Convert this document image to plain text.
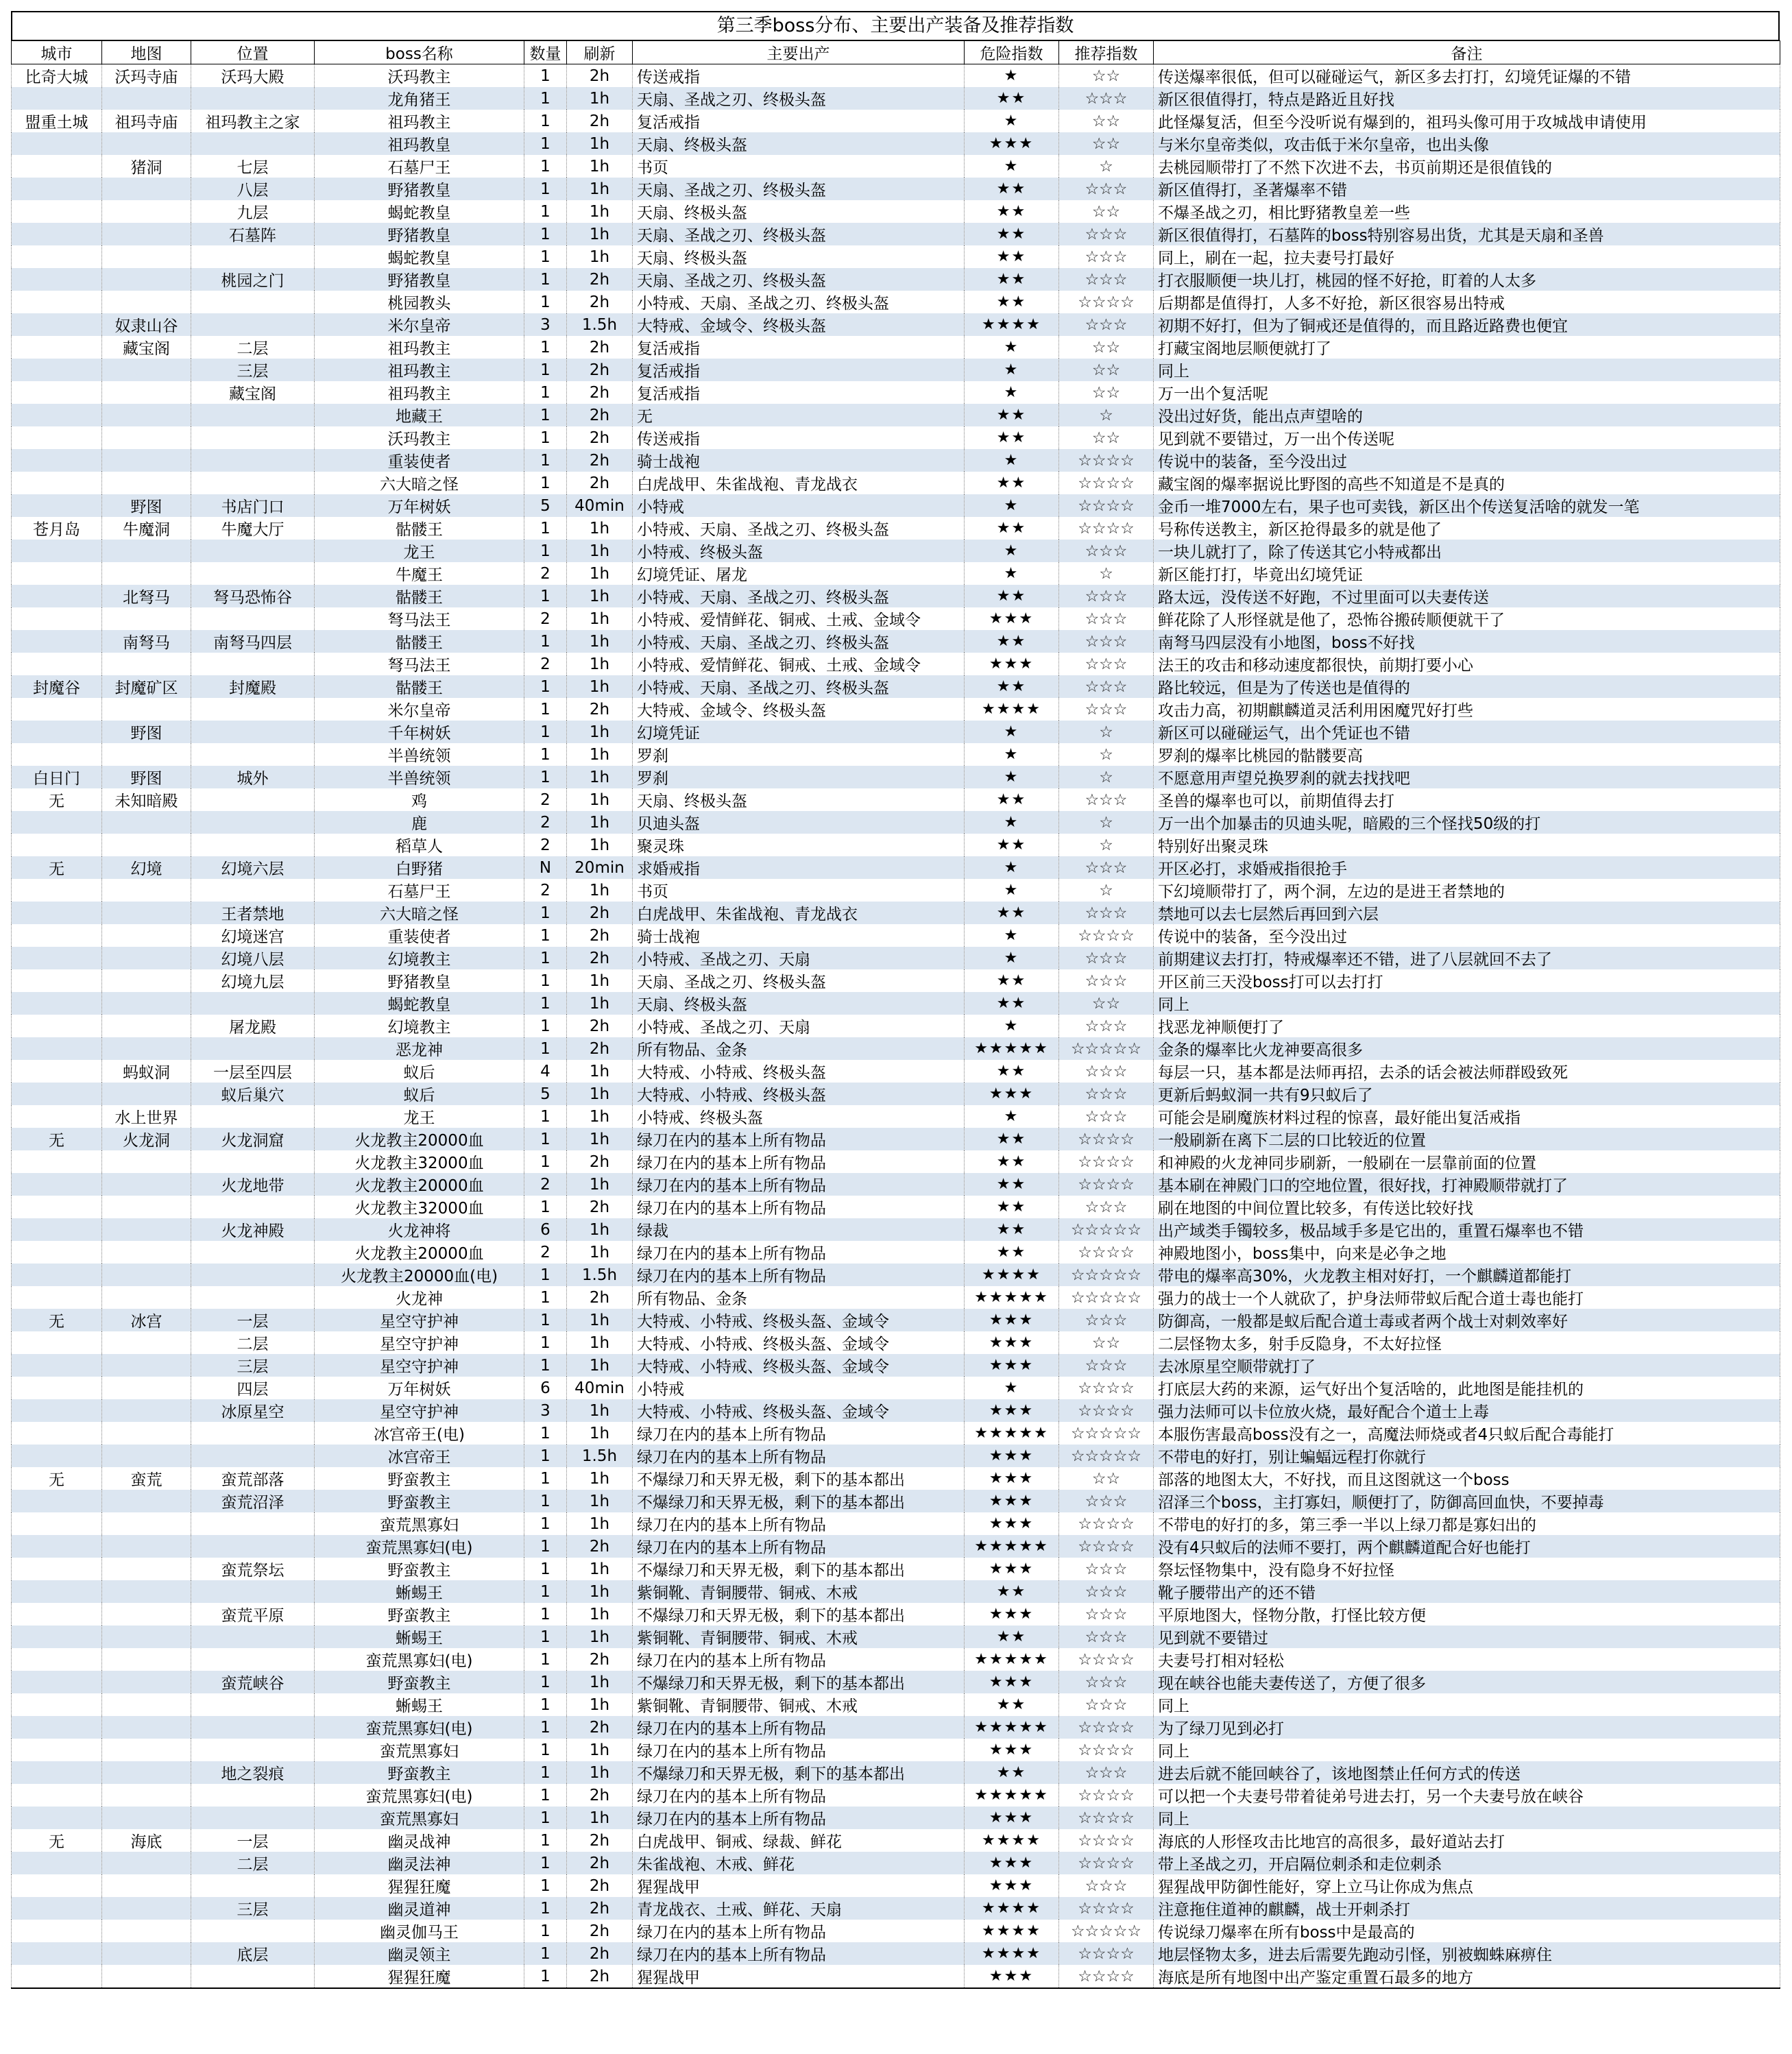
第三季boss分布、主要出产装备及推荐指数
城市	地图	位置	boss名称	数量	刷新	主要出产	危险指数	推荐指数	备注
比奇大城	沃玛寺庙	沃玛大殿	沃玛教主	1	2h	传送戒指	★	☆☆	传送爆率很低，但可以碰碰运气，新区多去打打，幻境凭证爆的不错
			龙角猪王	1	1h	天扇、圣战之刃、终极头盔	★★	☆☆☆	新区很值得打，特点是路近且好找
盟重土城	祖玛寺庙	祖玛教主之家	祖玛教主	1	2h	复活戒指	★	☆☆	此怪爆复活，但至今没听说有爆到的，祖玛头像可用于攻城战申请使用
			祖玛教皇	1	1h	天扇、终极头盔	★★★	☆☆	与米尔皇帝类似，攻击低于米尔皇帝，也出头像
	猪洞	七层	石墓尸王	1	1h	书页	★	☆	去桃园顺带打了不然下次进不去，书页前期还是很值钱的
		八层	野猪教皇	1	1h	天扇、圣战之刃、终极头盔	★★	☆☆☆	新区值得打，圣著爆率不错
		九层	蝎蛇教皇	1	1h	天扇、终极头盔	★★	☆☆	不爆圣战之刃，相比野猪教皇差一些
		石墓阵	野猪教皇	1	1h	天扇、圣战之刃、终极头盔	★★	☆☆☆	新区很值得打，石墓阵的boss特别容易出货，尤其是天扇和圣兽
			蝎蛇教皇	1	1h	天扇、终极头盔	★★	☆☆☆	同上，刷在一起，拉夫妻号打最好
		桃园之门	野猪教皇	1	2h	天扇、圣战之刃、终极头盔	★★	☆☆☆	打衣服顺便一块儿打，桃园的怪不好抢，盯着的人太多
			桃园教头	1	2h	小特戒、天扇、圣战之刃、终极头盔	★★	☆☆☆☆	后期都是值得打，人多不好抢，新区很容易出特戒
	奴隶山谷		米尔皇帝	3	1.5h	大特戒、金域令、终极头盔	★★★★	☆☆☆	初期不好打，但为了铜戒还是值得的，而且路近路费也便宜
	藏宝阁	二层	祖玛教主	1	2h	复活戒指	★	☆☆	打藏宝阁地层顺便就打了
		三层	祖玛教主	1	2h	复活戒指	★	☆☆	同上
		藏宝阁	祖玛教主	1	2h	复活戒指	★	☆☆	万一出个复活呢
			地藏王	1	2h	无	★★	☆	没出过好货，能出点声望啥的
			沃玛教主	1	2h	传送戒指	★★	☆☆	见到就不要错过，万一出个传送呢
			重装使者	1	2h	骑士战袍	★	☆☆☆☆	传说中的装备，至今没出过
			六大暗之怪	1	2h	白虎战甲、朱雀战袍、青龙战衣	★★	☆☆☆☆	藏宝阁的爆率据说比野图的高些不知道是不是真的
	野图	书店门口	万年树妖	5	40min	小特戒	★	☆☆☆☆	金币一堆7000左右，果子也可卖钱，新区出个传送复活啥的就发一笔
苍月岛	牛魔洞	牛魔大厅	骷髅王	1	1h	小特戒、天扇、圣战之刃、终极头盔	★★	☆☆☆☆	号称传送教主，新区抢得最多的就是他了
			龙王	1	1h	小特戒、终极头盔	★	☆☆☆	一块儿就打了，除了传送其它小特戒都出
			牛魔王	2	1h	幻境凭证、屠龙	★	☆	新区能打打，毕竟出幻境凭证
	北弩马	弩马恐怖谷	骷髅王	1	1h	小特戒、天扇、圣战之刃、终极头盔	★★	☆☆☆	路太远，没传送不好跑，不过里面可以夫妻传送
			弩马法王	2	1h	小特戒、爱情鲜花、铜戒、土戒、金域令	★★★	☆☆☆	鲜花除了人形怪就是他了，恐怖谷搬砖顺便就干了
	南弩马	南弩马四层	骷髅王	1	1h	小特戒、天扇、圣战之刃、终极头盔	★★	☆☆☆	南弩马四层没有小地图，boss不好找
			弩马法王	2	1h	小特戒、爱情鲜花、铜戒、土戒、金域令	★★★	☆☆☆	法王的攻击和移动速度都很快，前期打要小心
封魔谷	封魔矿区	封魔殿	骷髅王	1	1h	小特戒、天扇、圣战之刃、终极头盔	★★	☆☆☆	路比较远，但是为了传送也是值得的
			米尔皇帝	1	2h	大特戒、金域令、终极头盔	★★★★	☆☆☆	攻击力高，初期麒麟道灵活利用困魔咒好打些
	野图		千年树妖	1	1h	幻境凭证	★	☆	新区可以碰碰运气，出个凭证也不错
			半兽统领	1	1h	罗刹	★	☆	罗刹的爆率比桃园的骷髅要高
白日门	野图	城外	半兽统领	1	1h	罗刹	★	☆	不愿意用声望兑换罗刹的就去找找吧
无	未知暗殿		鸡	2	1h	天扇、终极头盔	★★	☆☆☆	圣兽的爆率也可以，前期值得去打
			鹿	2	1h	贝迪头盔	★	☆	万一出个加暴击的贝迪头呢，暗殿的三个怪找50级的打
			稻草人	2	1h	聚灵珠	★★	☆	特别好出聚灵珠
无	幻境	幻境六层	白野猪	N	20min	求婚戒指	★	☆☆☆	开区必打，求婚戒指很抢手
			石墓尸王	2	1h	书页	★	☆	下幻境顺带打了，两个洞，左边的是进王者禁地的
		王者禁地	六大暗之怪	1	2h	白虎战甲、朱雀战袍、青龙战衣	★★	☆☆☆	禁地可以去七层然后再回到六层
		幻境迷宫	重装使者	1	2h	骑士战袍	★	☆☆☆☆	传说中的装备，至今没出过
		幻境八层	幻境教主	1	2h	小特戒、圣战之刃、天扇	★	☆☆☆	前期建议去打打，特戒爆率还不错，进了八层就回不去了
		幻境九层	野猪教皇	1	1h	天扇、圣战之刃、终极头盔	★★	☆☆☆	开区前三天没boss打可以去打打
			蝎蛇教皇	1	1h	天扇、终极头盔	★★	☆☆	同上
		屠龙殿	幻境教主	1	2h	小特戒、圣战之刃、天扇	★	☆☆☆	找恶龙神顺便打了
			恶龙神	1	2h	所有物品、金条	★★★★★	☆☆☆☆☆	金条的爆率比火龙神要高很多
	蚂蚁洞	一层至四层	蚁后	4	1h	大特戒、小特戒、终极头盔	★★	☆☆☆	每层一只，基本都是法师再招，去杀的话会被法师群殴致死
		蚁后巢穴	蚁后	5	1h	大特戒、小特戒、终极头盔	★★★	☆☆☆	更新后蚂蚁洞一共有9只蚁后了
	水上世界		龙王	1	1h	小特戒、终极头盔	★	☆☆☆	可能会是刷魔族材料过程的惊喜，最好能出复活戒指
无	火龙洞	火龙洞窟	火龙教主20000血	1	1h	绿刀在内的基本上所有物品	★★	☆☆☆☆	一般刷新在离下二层的口比较近的位置
			火龙教主32000血	1	2h	绿刀在内的基本上所有物品	★★	☆☆☆☆	和神殿的火龙神同步刷新，一般刷在一层靠前面的位置
		火龙地带	火龙教主20000血	2	1h	绿刀在内的基本上所有物品	★★	☆☆☆☆	基本刷在神殿门口的空地位置，很好找，打神殿顺带就打了
			火龙教主32000血	1	2h	绿刀在内的基本上所有物品	★★	☆☆☆	刷在地图的中间位置比较多，有传送比较好找
		火龙神殿	火龙神将	6	1h	绿裁	★★	☆☆☆☆☆	出产域类手镯较多，极品域手多是它出的，重置石爆率也不错
			火龙教主20000血	2	1h	绿刀在内的基本上所有物品	★★	☆☆☆☆	神殿地图小，boss集中，向来是必争之地
			火龙教主20000血(电)	1	1.5h	绿刀在内的基本上所有物品	★★★★	☆☆☆☆☆	带电的爆率高30%，火龙教主相对好打，一个麒麟道都能打
			火龙神	1	2h	所有物品、金条	★★★★★	☆☆☆☆☆	强力的战士一个人就砍了，护身法师带蚁后配合道士毒也能打
无	冰宫	一层	星空守护神	1	1h	大特戒、小特戒、终极头盔、金域令	★★★	☆☆☆	防御高，一般都是蚁后配合道士毒或者两个战士对刺效率好
		二层	星空守护神	1	1h	大特戒、小特戒、终极头盔、金域令	★★★	☆☆	二层怪物太多，射手反隐身，不太好拉怪
		三层	星空守护神	1	1h	大特戒、小特戒、终极头盔、金域令	★★★	☆☆☆	去冰原星空顺带就打了
		四层	万年树妖	6	40min	小特戒	★	☆☆☆☆	打底层大药的来源，运气好出个复活啥的，此地图是能挂机的
		冰原星空	星空守护神	3	1h	大特戒、小特戒、终极头盔、金域令	★★★	☆☆☆☆	强力法师可以卡位放火烧，最好配合个道士上毒
			冰宫帝王(电)	1	1h	绿刀在内的基本上所有物品	★★★★★	☆☆☆☆☆	本服伤害最高boss没有之一，高魔法师烧或者4只蚁后配合毒能打
			冰宫帝王	1	1.5h	绿刀在内的基本上所有物品	★★★	☆☆☆☆☆	不带电的好打，别让蝙蝠远程打你就行
无	蛮荒	蛮荒部落	野蛮教主	1	1h	不爆绿刀和天界无极，剩下的基本都出	★★★	☆☆	部落的地图太大，不好找，而且这图就这一个boss
		蛮荒沼泽	野蛮教主	1	1h	不爆绿刀和天界无极，剩下的基本都出	★★★	☆☆☆	沼泽三个boss，主打寡妇，顺便打了，防御高回血快，不要掉毒
			蛮荒黑寡妇	1	1h	绿刀在内的基本上所有物品	★★★	☆☆☆☆	不带电的好打的多，第三季一半以上绿刀都是寡妇出的
			蛮荒黑寡妇(电)	1	2h	绿刀在内的基本上所有物品	★★★★★	☆☆☆☆	没有4只蚁后的法师不要打，两个麒麟道配合好也能打
		蛮荒祭坛	野蛮教主	1	1h	不爆绿刀和天界无极，剩下的基本都出	★★★	☆☆☆	祭坛怪物集中，没有隐身不好拉怪
			蜥蜴王	1	1h	紫铜靴、青铜腰带、铜戒、木戒	★★	☆☆☆	靴子腰带出产的还不错
		蛮荒平原	野蛮教主	1	1h	不爆绿刀和天界无极，剩下的基本都出	★★★	☆☆☆	平原地图大，怪物分散，打怪比较方便
			蜥蜴王	1	1h	紫铜靴、青铜腰带、铜戒、木戒	★★	☆☆☆	见到就不要错过
			蛮荒黑寡妇(电)	1	2h	绿刀在内的基本上所有物品	★★★★★	☆☆☆☆	夫妻号打相对轻松
		蛮荒峡谷	野蛮教主	1	1h	不爆绿刀和天界无极，剩下的基本都出	★★★	☆☆☆	现在峡谷也能夫妻传送了，方便了很多
			蜥蜴王	1	1h	紫铜靴、青铜腰带、铜戒、木戒	★★	☆☆☆	同上
			蛮荒黑寡妇(电)	1	2h	绿刀在内的基本上所有物品	★★★★★	☆☆☆☆	为了绿刀见到必打
			蛮荒黑寡妇	1	1h	绿刀在内的基本上所有物品	★★★	☆☆☆☆	同上
		地之裂痕	野蛮教主	1	1h	不爆绿刀和天界无极，剩下的基本都出	★★	☆☆☆	进去后就不能回峡谷了，该地图禁止任何方式的传送
			蛮荒黑寡妇(电)	1	2h	绿刀在内的基本上所有物品	★★★★★	☆☆☆☆	可以把一个夫妻号带着徒弟号进去打，另一个夫妻号放在峡谷
			蛮荒黑寡妇	1	1h	绿刀在内的基本上所有物品	★★★	☆☆☆☆	同上
无	海底	一层	幽灵战神	1	2h	白虎战甲、铜戒、绿裁、鲜花	★★★★	☆☆☆☆	海底的人形怪攻击比地宫的高很多，最好道站去打
		二层	幽灵法神	1	2h	朱雀战袍、木戒、鲜花	★★★	☆☆☆☆	带上圣战之刃，开启隔位刺杀和走位刺杀
			猩猩狂魔	1	2h	猩猩战甲	★★★	☆☆☆	猩猩战甲防御性能好，穿上立马让你成为焦点
		三层	幽灵道神	1	2h	青龙战衣、土戒、鲜花、天扇	★★★★	☆☆☆☆	注意拖住道神的麒麟，战士开刺杀打
			幽灵伽马王	1	2h	绿刀在内的基本上所有物品	★★★★	☆☆☆☆☆	传说绿刀爆率在所有boss中是最高的
		底层	幽灵领主	1	2h	绿刀在内的基本上所有物品	★★★★	☆☆☆☆	地层怪物太多，进去后需要先跑动引怪，别被蜘蛛麻痹住
			猩猩狂魔	1	2h	猩猩战甲	★★★	☆☆☆☆	海底是所有地图中出产鉴定重置石最多的地方
